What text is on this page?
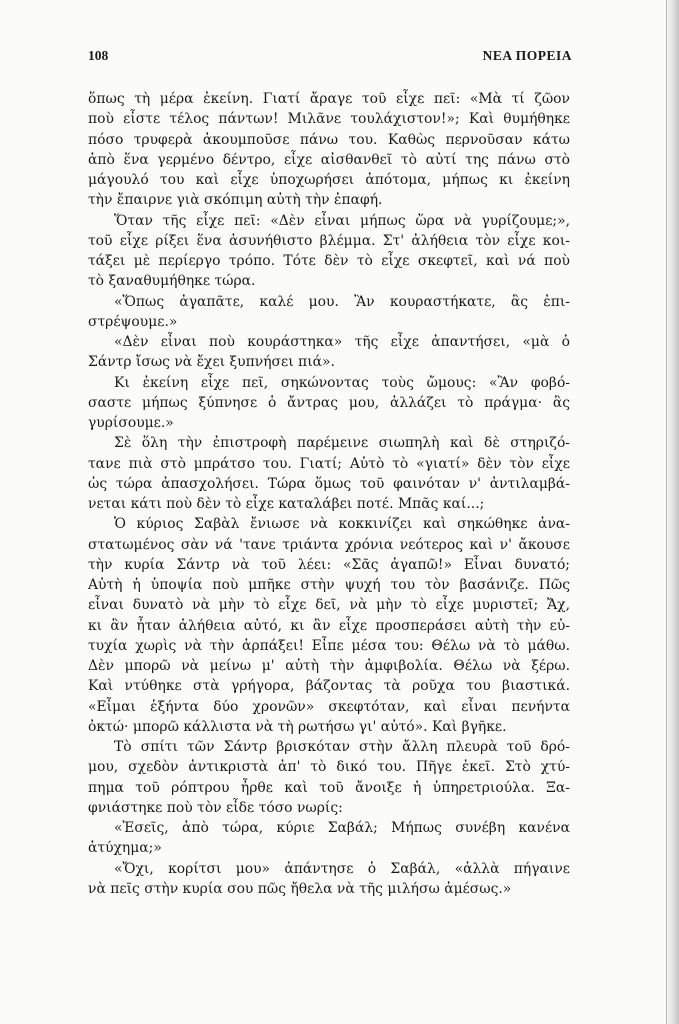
108	ΝΕΑ ΠΟΡΕΙΑ
ὅπως τὴ μέρα ἐκείνη. Γιατί ἄραγε τοῦ εἶχε πεῖ: «Μὰ τί ζῶον
ποὺ εἶστε τέλος πάντων! Μιλᾶνε τουλάχιστον!»; Καὶ θυμήθηκε
πόσο τρυφερὰ ἀκουμποῦσε πάνω του. Καθὼς περνοῦσαν κάτω
ἀπὸ ἕνα γερμένο δέντρο, εἶχε αἰσθανθεῖ τὸ αὐτί της πάνω στὸ
μάγουλό του καὶ εἶχε ὑποχωρήσει ἀπότομα, μήπως κι ἐκείνη
τὴν ἔπαιρνε γιὰ σκόπιμη αὐτὴ τὴν ἐπαφή.
Ὅταν τῆς εἶχε πεῖ: «Δὲν εἶναι μήπως ὥρα νὰ γυρίζουμε;»,
τοῦ εἶχε ρίξει ἕνα ἀσυνήθιστο βλέμμα. Στ' ἀλήθεια τὸν εἶχε κοι-
τάξει μὲ περίεργο τρόπο. Τότε δὲν τὸ εἶχε σκεφτεῖ, καὶ νά ποὺ
τὸ ξαναθυμήθηκε τώρα.
«Ὅπως ἀγαπᾶτε, καλέ μου. Ἂν κουραστήκατε, ἂς ἐπι-
στρέψουμε.»
«Δὲν εἶναι ποὺ κουράστηκα» τῆς εἶχε ἀπαντήσει, «μὰ ὁ
Σάντρ ἴσως νὰ ἔχει ξυπνήσει πιά».
Κι ἐκείνη εἶχε πεῖ, σηκώνοντας τοὺς ὤμους: «Ἂν φοβό-
σαστε μήπως ξύπνησε ὁ ἄντρας μου, ἀλλάζει τὸ πράγμα· ἂς
γυρίσουμε.»
Σὲ ὅλη τὴν ἐπιστροφὴ παρέμεινε σιωπηλὴ καὶ δὲ στηριζό-
τανε πιὰ στὸ μπράτσο του. Γιατί; Αὐτὸ τὸ «γιατί» δὲν τὸν εἶχε
ὡς τώρα ἀπασχολήσει. Τώρα ὅμως τοῦ φαινόταν ν' ἀντιλαμβά-
νεται κάτι ποὺ δὲν τὸ εἶχε καταλάβει ποτέ. Μπᾶς καί...;
Ὁ κύριος Σαβὰλ ἔνιωσε νὰ κοκκινίζει καὶ σηκώθηκε ἀνα-
στατωμένος σὰν νά 'τανε τριάντα χρόνια νεότερος καὶ ν' ἄκουσε
τὴν κυρία Σάντρ νὰ τοῦ λέει: «Σᾶς ἀγαπῶ!» Εἶναι δυνατό;
Αὐτὴ ἡ ὑποψία ποὺ μπῆκε στὴν ψυχή του τὸν βασάνιζε. Πῶς
εἶναι δυνατὸ νὰ μὴν τὸ εἶχε δεῖ, νὰ μὴν τὸ εἶχε μυριστεῖ; Ἄχ,
κι ἂν ἦταν ἀλήθεια αὐτό, κι ἂν εἶχε προσπεράσει αὐτὴ τὴν εὐ-
τυχία χωρὶς νὰ τὴν ἁρπάξει! Εἶπε μέσα του: Θέλω νὰ τὸ μάθω.
Δὲν μπορῶ νὰ μείνω μ' αὐτὴ τὴν ἀμφιβολία. Θέλω νὰ ξέρω.
Καὶ ντύθηκε στὰ γρήγορα, βάζοντας τὰ ροῦχα του βιαστικά.
«Εἶμαι ἑξήντα δύο χρονῶν» σκεφτόταν, καὶ εἶναι πενήντα
ὀκτώ· μπορῶ κάλλιστα νὰ τὴ ρωτήσω γι' αὐτό». Καὶ βγῆκε.
Τὸ σπίτι τῶν Σάντρ βρισκόταν στὴν ἄλλη πλευρὰ τοῦ δρό-
μου, σχεδὸν ἀντικριστὰ ἀπ' τὸ δικό του. Πῆγε ἐκεῖ. Στὸ χτύ-
πημα τοῦ ρόπτρου ἦρθε καὶ τοῦ ἄνοιξε ἡ ὑπηρετριούλα. Ξα-
φνιάστηκε ποὺ τὸν εἶδε τόσο νωρίς:
«Ἐσεῖς, ἀπὸ τώρα, κύριε Σαβάλ; Μήπως συνέβη κανένα
ἀτύχημα;»
«Ὄχι, κορίτσι μου» ἀπάντησε ὁ Σαβάλ, «ἀλλὰ πήγαινε
νὰ πεῖς στὴν κυρία σου πῶς ἤθελα νὰ τῆς μιλήσω ἀμέσως.»
